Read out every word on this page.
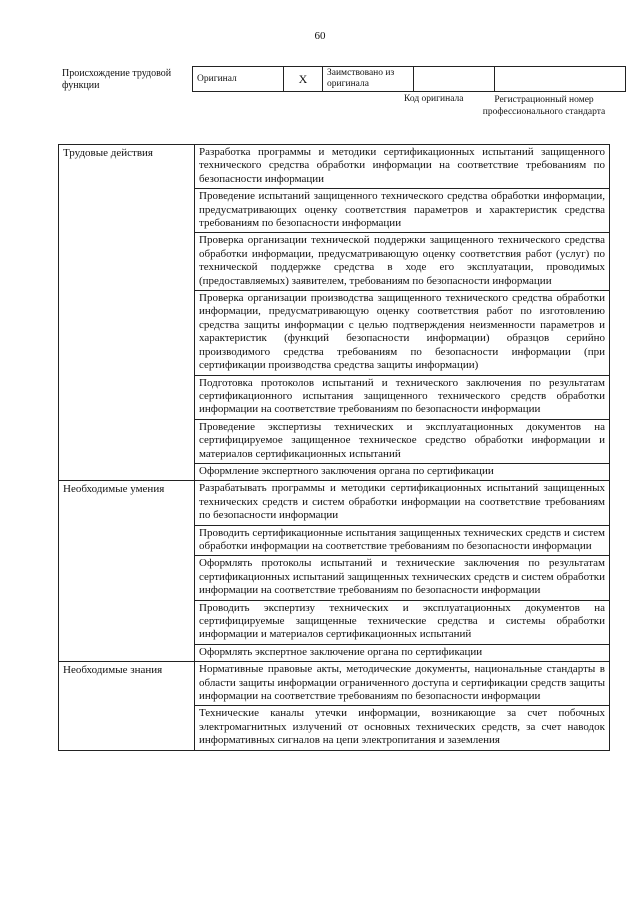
60
Происхождение трудовой функции
Оригинал	X	Заимствовано из оригинала		
Код оригинала	Регистрационный номер профессионального стандарта
Трудовые действия	Разработка программы и методики сертификационных испытаний защищенного технического средства обработки информации на соответствие требованиям по безопасности информации
	Проведение испытаний защищенного технического средства обработки информации, предусматривающих оценку соответствия параметров и характеристик средства требованиям по безопасности информации
	Проверка организации технической поддержки защищенного технического средства обработки информации, предусматривающую оценку соответствия работ (услуг) по технической поддержке средства в ходе его эксплуатации, проводимых (предоставляемых) заявителем, требованиям по безопасности информации
	Проверка организации производства защищенного технического средства обработки информации, предусматривающую оценку соответствия работ по изготовлению средства защиты информации с целью подтверждения неизменности параметров и характеристик (функций безопасности информации) образцов серийно производимого средства требованиям по безопасности информации (при сертификации производства средства защиты информации)
	Подготовка протоколов испытаний и технического заключения по результатам сертификационного испытания защищенного технического средств обработки информации на соответствие требованиям по безопасности информации
	Проведение экспертизы технических и эксплуатационных документов на сертифицируемое защищенное техническое средство обработки информации и материалов сертификационных испытаний
	Оформление экспертного заключения органа по сертификации
Необходимые умения	Разрабатывать программы и методики сертификационных испытаний защищенных технических средств и систем обработки информации на соответствие требованиям по безопасности информации
	Проводить сертификационные испытания защищенных технических средств и систем обработки информации на соответствие требованиям по безопасности информации
	Оформлять протоколы испытаний и технические заключения по результатам сертификационных испытаний защищенных технических средств и систем обработки информации на соответствие требованиям по безопасности информации
	Проводить экспертизу технических и эксплуатационных документов на сертифицируемые защищенные технические средства и системы обработки информации и материалов сертификационных испытаний
	Оформлять экспертное заключение органа по сертификации
Необходимые знания	Нормативные правовые акты, методические документы, национальные стандарты в области защиты информации ограниченного доступа и сертификации средств защиты информации на соответствие требованиям по безопасности информации
	Технические каналы утечки информации, возникающие за счет побочных электромагнитных излучений от основных технических средств, за счет наводок информативных сигналов на цепи электропитания и заземления
